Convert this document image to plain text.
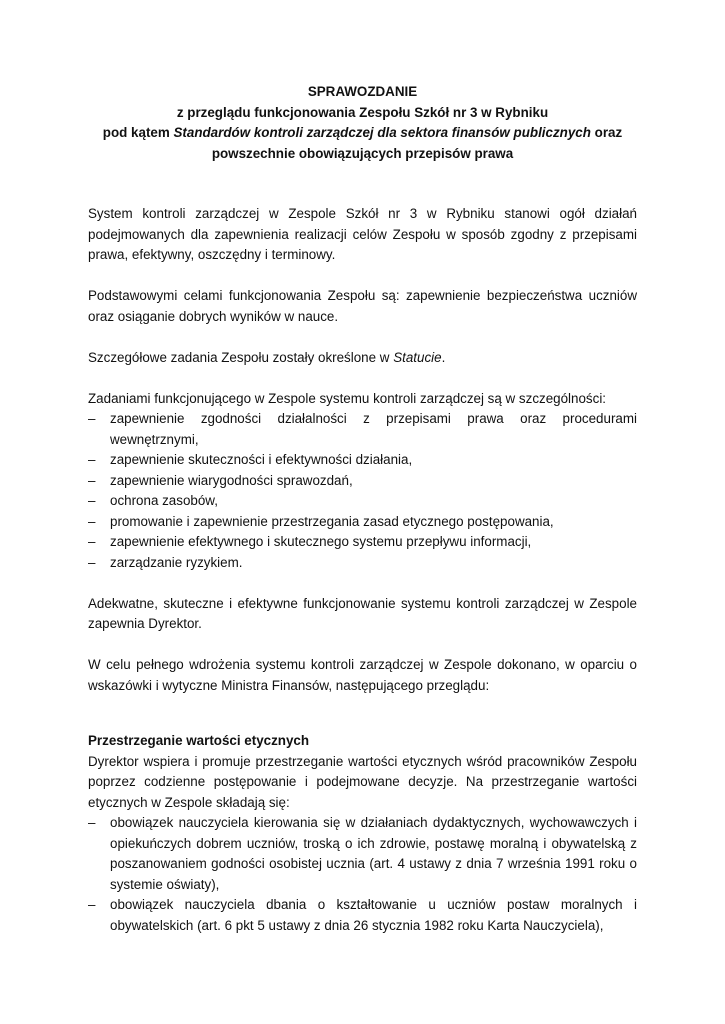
SPRAWOZDANIE
z przeglądu funkcjonowania Zespołu Szkół nr 3 w Rybniku
pod kątem Standardów kontroli zarządczej dla sektora finansów publicznych oraz
powszechnie obowiązujących przepisów prawa

System kontroli zarządczej w Zespole Szkół nr 3 w Rybniku stanowi ogół działań podejmowanych dla zapewnienia realizacji celów Zespołu w sposób zgodny z przepisami prawa, efektywny, oszczędny i terminowy.

Podstawowymi celami funkcjonowania Zespołu są: zapewnienie bezpieczeństwa uczniów oraz osiąganie dobrych wyników w nauce.

Szczegółowe zadania Zespołu zostały określone w Statucie.

Zadaniami funkcjonującego w Zespole systemu kontroli zarządczej są w szczególności:

– zapewnienie zgodności działalności z przepisami prawa oraz procedurami wewnętrznymi,
– zapewnienie skuteczności i efektywności działania,
– zapewnienie wiarygodności sprawozdań,
– ochrona zasobów,
– promowanie i zapewnienie przestrzegania zasad etycznego postępowania,
– zapewnienie efektywnego i skutecznego systemu przepływu informacji,
– zarządzanie ryzykiem.

Adekwatne, skuteczne i efektywne funkcjonowanie systemu kontroli zarządczej w Zespole zapewnia Dyrektor.

W celu pełnego wdrożenia systemu kontroli zarządczej w Zespole dokonano, w oparciu o wskazówki i wytyczne Ministra Finansów, następującego przeglądu:

Przestrzeganie wartości etycznych

Dyrektor wspiera i promuje przestrzeganie wartości etycznych wśród pracowników Zespołu poprzez codzienne postępowanie i podejmowane decyzje. Na przestrzeganie wartości etycznych w Zespole składają się:

– obowiązek nauczyciela kierowania się w działaniach dydaktycznych, wychowawczych i opiekuńczych dobrem uczniów, troską o ich zdrowie, postawę moralną i obywatelską z poszanowaniem godności osobistej ucznia (art. 4 ustawy z dnia 7 września 1991 roku o systemie oświaty),
– obowiązek nauczyciela dbania o kształtowanie u uczniów postaw moralnych i obywatelskich (art. 6 pkt 5 ustawy z dnia 26 stycznia 1982 roku Karta Nauczyciela),
